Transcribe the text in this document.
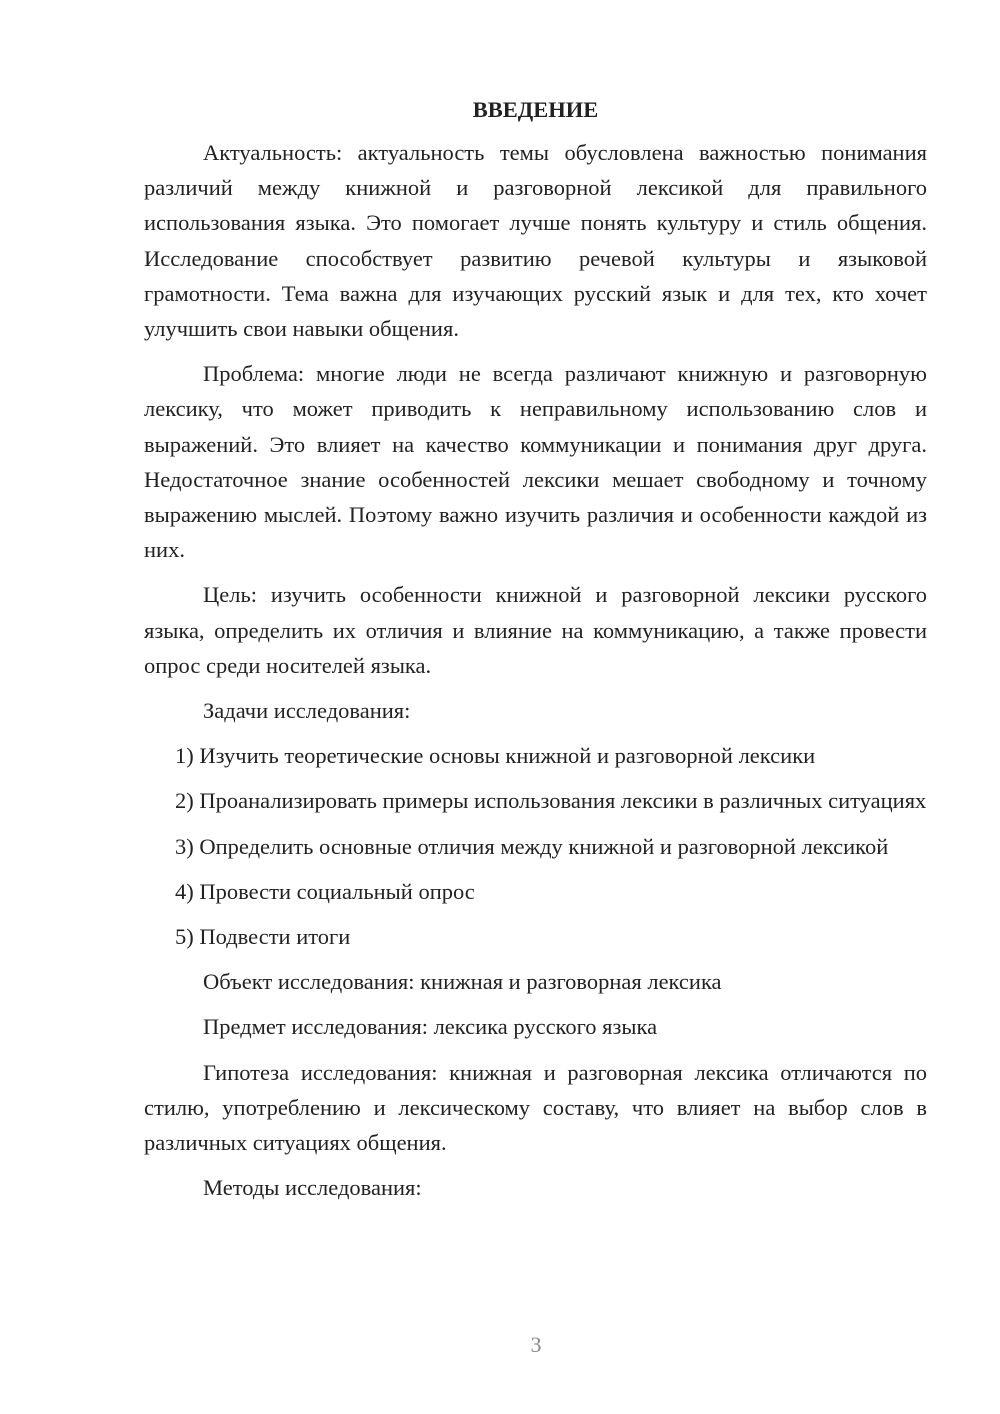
ВВЕДЕНИЕ
Актуальность: актуальность темы обусловлена важностью понимания различий между книжной и разговорной лексикой для правильного использования языка. Это помогает лучше понять культуру и стиль общения. Исследование способствует развитию речевой культуры и языковой грамотности. Тема важна для изучающих русский язык и для тех, кто хочет улучшить свои навыки общения.
Проблема: многие люди не всегда различают книжную и разговорную лексику, что может приводить к неправильному использованию слов и выражений. Это влияет на качество коммуникации и понимания друг друга. Недостаточное знание особенностей лексики мешает свободному и точному выражению мыслей. Поэтому важно изучить различия и особенности каждой из них.
Цель: изучить особенности книжной и разговорной лексики русского языка, определить их отличия и влияние на коммуникацию, а также провести опрос среди носителей языка.
Задачи исследования:
1) Изучить теоретические основы книжной и разговорной лексики
2) Проанализировать примеры использования лексики в различных ситуациях
3) Определить основные отличия между книжной и разговорной лексикой
4) Провести социальный опрос
5) Подвести итоги
Объект исследования: книжная и разговорная лексика
Предмет исследования: лексика русского языка
Гипотеза исследования: книжная и разговорная лексика отличаются по стилю, употреблению и лексическому составу, что влияет на выбор слов в различных ситуациях общения.
Методы исследования:
3
